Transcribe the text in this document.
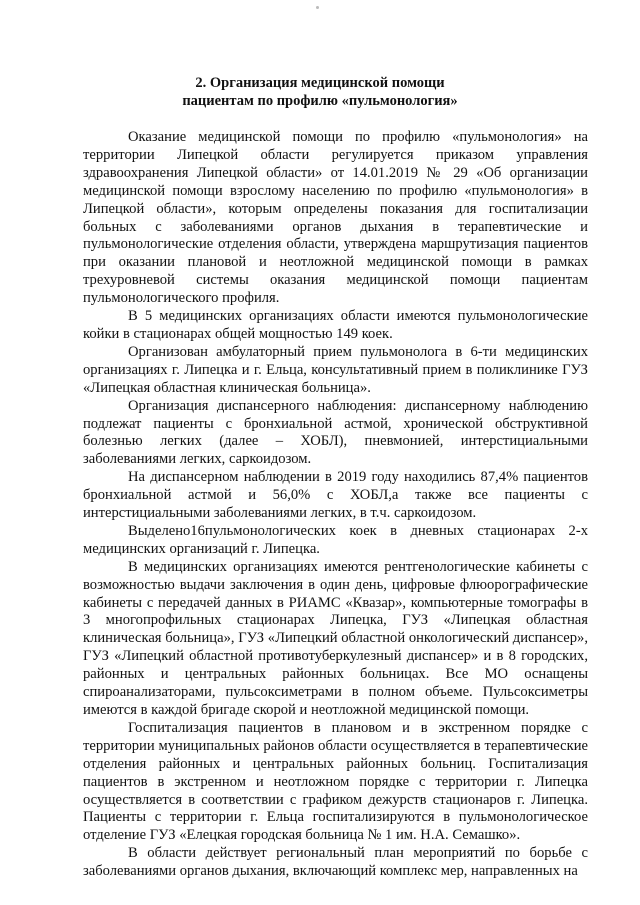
2. Организация медицинской помощи
пациентам по профилю «пульмонология»

Оказание медицинской помощи по профилю «пульмонология» на территории Липецкой области регулируется приказом управления здравоохранения Липецкой области» от 14.01.2019 № 29 «Об организации медицинской помощи взрослому населению по профилю «пульмонология» в Липецкой области», которым определены показания для госпитализации больных с заболеваниями органов дыхания в терапевтические и пульмонологические отделения области, утверждена маршрутизация пациентов при оказании плановой и неотложной медицинской помощи в рамках трехуровневой системы оказания медицинской помощи пациентам пульмонологического профиля.

В 5 медицинских организациях области имеются пульмонологические койки в стационарах общей мощностью 149 коек.

Организован амбулаторный прием пульмонолога в 6-ти медицинских организациях г. Липецка и г. Ельца, консультативный прием в поликлинике ГУЗ «Липецкая областная клиническая больница».

Организация диспансерного наблюдения: диспансерному наблюдению подлежат пациенты с бронхиальной астмой, хронической обструктивной болезнью легких (далее – ХОБЛ), пневмонией, интерстициальными заболеваниями легких, саркоидозом.

На диспансерном наблюдении в 2019 году находились 87,4% пациентов бронхиальной астмой и 56,0% с ХОБЛ,а также все пациенты с интерстициальными заболеваниями легких, в т.ч. саркоидозом.

Выделено16пульмонологических коек в дневных стационарах 2-х медицинских организаций г. Липецка.

В медицинских организациях имеются рентгенологические кабинеты с возможностью выдачи заключения в один день, цифровые флюорографические кабинеты с передачей данных в РИАМС «Квазар», компьютерные томографы в 3 многопрофильных стационарах Липецка, ГУЗ «Липецкая областная клиническая больница», ГУЗ «Липецкий областной онкологический диспансер», ГУЗ «Липецкий областной противотуберкулезный диспансер» и в 8 городских, районных и центральных районных больницах. Все МО оснащены спироанализаторами, пульсоксиметрами в полном объеме. Пульсоксиметры имеются в каждой бригаде скорой и неотложной медицинской помощи.

Госпитализация пациентов в плановом и в экстренном порядке с территории муниципальных районов области осуществляется в терапевтические отделения районных и центральных районных больниц. Госпитализация пациентов в экстренном и неотложном порядке с территории г. Липецка осуществляется в соответствии с графиком дежурств стационаров г. Липецка. Пациенты с территории г. Ельца госпитализируются в пульмонологическое отделение ГУЗ «Елецкая городская больница № 1 им. Н.А. Семашко».

В области действует региональный план мероприятий по борьбе с заболеваниями органов дыхания, включающий комплекс мер, направленных на
